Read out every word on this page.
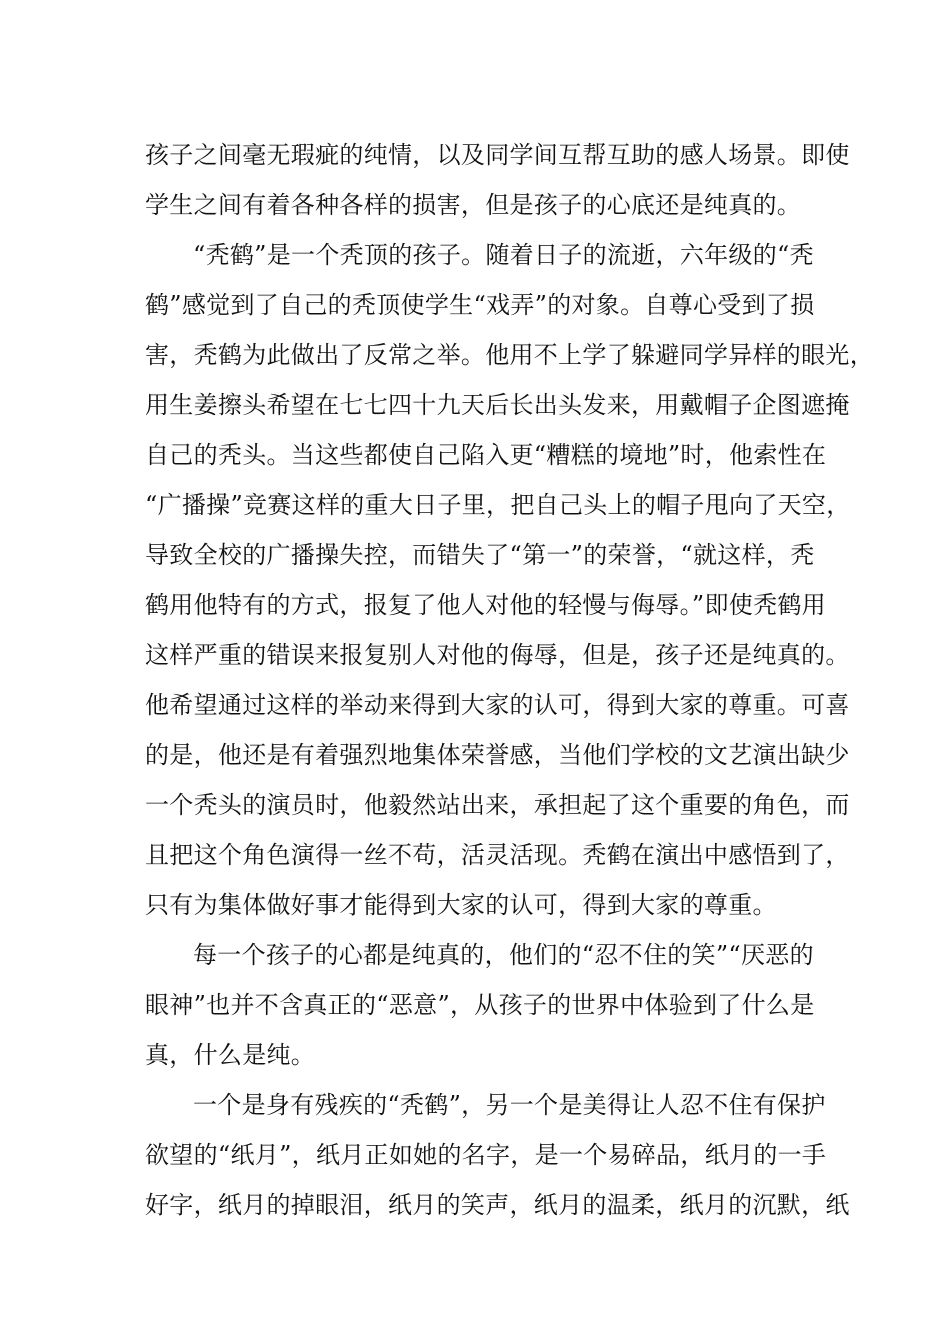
孩子之间毫无瑕疵的纯情，以及同学间互帮互助的感人场景。即使
学生之间有着各种各样的损害，但是孩子的心底还是纯真的。
“秃鹤”是一个秃顶的孩子。随着日子的流逝，六年级的“秃
鹤”感觉到了自己的秃顶使学生“戏弄”的对象。自尊心受到了损
害，秃鹤为此做出了反常之举。他用不上学了躲避同学异样的眼光，
用生姜擦头希望在七七四十九天后长出头发来，用戴帽子企图遮掩
自己的秃头。当这些都使自己陷入更“糟糕的境地”时，他索性在
“广播操”竞赛这样的重大日子里，把自己头上的帽子甩向了天空，
导致全校的广播操失控，而错失了“第一”的荣誉，“就这样，秃
鹤用他特有的方式，报复了他人对他的轻慢与侮辱。”即使秃鹤用
这样严重的错误来报复别人对他的侮辱，但是，孩子还是纯真的。
他希望通过这样的举动来得到大家的认可，得到大家的尊重。可喜
的是，他还是有着强烈地集体荣誉感，当他们学校的文艺演出缺少
一个秃头的演员时，他毅然站出来，承担起了这个重要的角色，而
且把这个角色演得一丝不苟，活灵活现。秃鹤在演出中感悟到了，
只有为集体做好事才能得到大家的认可，得到大家的尊重。
每一个孩子的心都是纯真的，他们的“忍不住的笑”“厌恶的
眼神”也并不含真正的“恶意”，从孩子的世界中体验到了什么是
真，什么是纯。
一个是身有残疾的“秃鹤”，另一个是美得让人忍不住有保护
欲望的“纸月”，纸月正如她的名字，是一个易碎品，纸月的一手
好字，纸月的掉眼泪，纸月的笑声，纸月的温柔，纸月的沉默，纸
